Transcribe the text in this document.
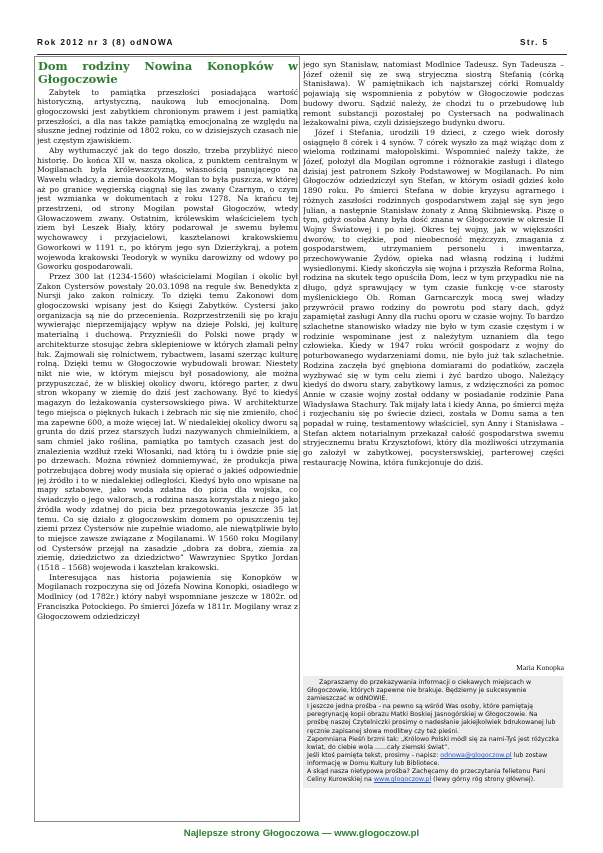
Rok 2012 nr 3 (8) odNOWA	Str. 5
Dom rodziny Nowina Konopków w Głogoczowie

Zabytek to pamiątka przeszłości posiadająca wartość historyczną, artystyczną, naukową lub emocjonalną. Dom głogoczowski jest zabytkiem chronionym prawem i jest pamiątką przeszłości, a dla nas także pamiątką emocjonalną ze względu na słuszne jednej rodzinie od 1802 roku, co w dzisiejszych czasach nie jest częstym zjawiskiem.

Aby wytłumaczyć jak do tego doszło, trzeba przybliżyć nieco historię. Do końca XII w. naszа okolica, z punktem centralnym w Mogilanach była królewszczyzną, własnością panującego na Wawelu władcy, a ziemia dookoła Mogilan to była puszcza, w której aż po granice węgierską ciągnął się las zwany Czarnym, o czym jest wzmianka w dokumentach z roku 1278. Na krańcu tej przestrzeni, od strony Mogilan powstał Głogoczów, wtedy Głowaczowem zwany. Ostatnim, królewskim właścicielem tych ziem był Leszek Biały, który podarował je swemu byłemu wychowawcy i przyjacielowi, kasztelanowi krakowskiemu Goworkowi w 1191 r., po którym jego syn Dzierżykraj, a potem wojewoda krakowski Teodoryk w wyniku darowizny od wdowy po Goworku gospodarowali.

Przez 300 lat (1234-1560) właścicielami Mogilan i okolic był Zakon Cystersów powstały 20.03.1098 na regule św. Benedykta z Nursji jako zakon rolniczy. To dzięki temu Zakonowi dom głogoczowski wpisany jest do Księgi Zabytków. Cystersi jako organizacja są nie do przecenienia. Rozprzestrzenili się po kraju wywierając nieprzemijający wpływ na dzieje Polski, jej kulturę materialną i duchową. Przyznieśli do Polski nowe prądy w architekturze stosując żebra sklepieniowe w których złamali pełny łuk. Zajmowali się rolnictwem, rybactwem, lasami szerząc kulturę rolną. Dzięki temu w Głogoczowie wybudowali browar. Niestety nikt nie wie, w którym miejscu był posadowiony, ale można przypuszczać, że w bliskiej okolicy dworu, którego parter, z dwu stron wkopany w ziemię do dziś jest zachowany. Być to kiedyś magazyn do leżakowania cystersowskiego piwa. W architekturze tego miejsca o pięknych łukach i żebrach nic się nie zmieniło, choć ma zapewne 600, a może więcej lat. W niedalekiej okolicy dworu są grunta do dziś przez starszych ludzi nazywanych chmielnikiem, a sam chmiel jako roślina, pamiątka po tamtych czasach jest do znalezienia wzdłuż rzeki Włosanki, nad którą tu i ówdzie pnie się po drzewach. Można również domniemywać, że produkcja piwa potrzebująca dobrej wody musiała się opierać o jakieś odpowiednie jej źródło i to w niedalekiej odległości. Kiedyś było ono wpisane na mapy sztabowe, jako woda zdatna do picia dla wojska, co świadczyło o jego walorach, a rodzina nasza korzystała z niego jako źródła wody zdatnej do picia bez przegotowania jeszcze 35 lat temu. Co się działo z głogoczowskim domem po opuszczeniu tej ziemi przez Cystersów nie zupełnie wiadomo, ale niewątpliwie było to miejsce zawsze związane z Mogilanami. W 1560 roku Mogilany od Cystersów przejął na zasadzie „dobra za dobra, ziemia za ziemię, dziedzictwo za dziedzictwo” Wawrzyniec Spytko Jordan (1518 – 1568) wojewoda i kasztelan krakowski.

Interesująca nas historia pojawienia się Konopków w Mogilanach rozpoczyna się od Józefa Nowina Konopki, osiadłego w Modlnicy (od 1782r.) który nabył wspomniane jeszcze w 1802r. od Franciszka Potockiego. Po śmierci Józefa w 1811r. Mogilany wraz z Głogoczowem odziedziczył

jego syn Stanisław, natomiast Modlnice Tadeusz. Syn Tadeusza – Józef ożenił się ze swą stryjeczna siostrą Stefanią (córką Stanisława). W pamiętnikach ich najstarszej córki Romualdy pojawiają się wspomnienia z pobytów w Głogoczowie podczas budowy dworu. Sądzić należy, że chodzi tu o przebudowę lub remont substancji pozostałej po Cystersach na podwalinach leżakowalni piwa, czyli dzisiejszego budynku dworu.

Józef i Stefania, urodzili 19 dzieci, z czego wiek dorosły osiągnęło 8 córek i 4 synów. 7 córek wyszło za mąż wiążąc dom z wieloma rodzinami małopolskimi. Wspomnieć należy także, że Józef, położył dla Mogilan ogromne i różnorakie zasługi i dlatego dzisiaj jest patronem Szkoły Podstawowej w Mogilanach. Po nim Głogoczów odziedziczył syn Stefan, w którym osiadł gdzieś koło 1890 roku. Po śmierci Stefana w dobie kryzysu agrarnego i różnych zaszłości rodzinnych gospodarstwem zajął się syn jego Julian, a następnie Stanisław żonaty z Anną Skibniewską. Piszę o tym, gdyż osoba Anny była dość znana w Głogoczowie w okresie II Wojny Światowej i po niej. Okres tej wojny, jak w większości dworów, to ciężkie, pod nieobecność mężczyzn, zmagania z gospodarstwem, utrzymaniem personelu i inwentarza, przechowywanie Żydów, opieka nad własną rodziną i ludźmi wysiedlonymi. Kiedy skończyła się wojna i przyszła Reforma Rolna, rodzina na skutek tego opuściła Dom, lecz w tym przypadku nie na długo, gdyż sprawujący w tym czasie funkcję v-ce starosty myślenickiego Ob. Roman Garncarczyk mocą swej władzy przywrócił prawo rodziny do powrotu pod stary dach, gdyż zapamiętał zasługi Anny dla ruchu oporu w czasie wojny. To bardzo szlachetne stanowisko władzy nie było w tym czasie częstym i w rodzinie wspominane jest z należytym uznaniem dla tego człowieka. Kiedy w 1947 roku wrócił gospodarz z wojny do poturbowanego wydarzeniami domu, nie było już tak szlachetnie. Rodzina zaczęła być gnębiona domiarami do podatków, zaczęła wyzbywać się w tym celu ziemi i żyć bardzo ubogo. Należący kiedyś do dworu stary, zabytkowy lamus, z wdzięczności za pomoc Annie w czasie wojny został oddany w posiadanie rodzinie Pana Władysława Stachury. Tak mijały lata i kiedy Anna, po śmierci męża i rozjechaniu się po świecie dzieci, została w Domu sama a ten popadał w ruinę, testamentowy właściciel, syn Anny i Stanisława – Stefan aktem notarialnym przekazał całość gospodarstwa swemu stryjecznemu bratu Krzysztofowi, który dla możliwości utrzymania go założył w zabytkowej, pocysterswskiej, parterowej części restaurację Nowina, która funkcjonuje do dziś.

Maria Konopka

Zapraszamy do przekazywania informacji o ciekawych miejscach w Głogoczowie, których zapewne nie brakuje. Będziemy je sukcesywnie zamieszczać w odNOWIE.

I jeszcze jedna prośba - na pewno są wśród Was osoby, które pamiętają peregrynację kopii obrazu Matki Boskiej Jasnogórskiej w Głogoczowie. Na prośbę naszej Czytelniczki prosimy o nadesłanie jakiejkolwiek bdrukowanej lub ręcznie zapisanej słowa modlitwy czy też pieśni.

Zapomniana Pieśń brzmi tak: „Królowo Polski módl się za nami-Tyś jest różyczka kwiat, do ciebie wola ......cały ziemski świat”.

Jeśli ktoś pamięta tekst, prosimy - napisz: odnowa@glogoczow.pl lub zostaw informację w Domu Kultury lub Bibliotece.

A skąd nasza nietypowa prośba? Zachęcamy do przeczytania felietonu Pani Celiny Kurowskiej na www.glogoczow.pl (lewy górny róg strony głównej).

Najlepsze strony Głogoczowa — www.glogoczow.pl
